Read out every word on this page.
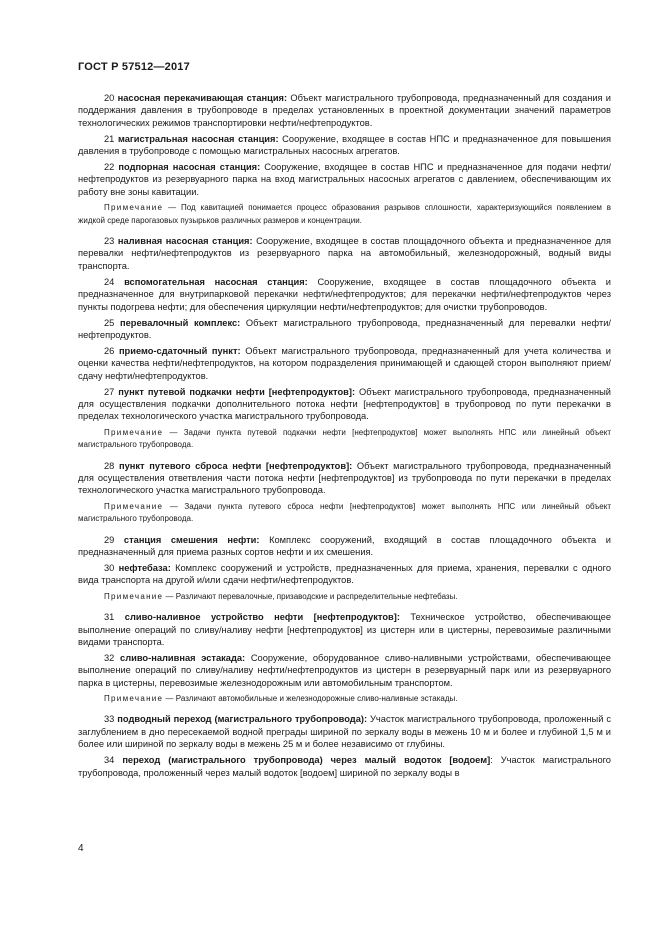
ГОСТ Р 57512—2017

20 насосная перекачивающая станция: Объект магистрального трубопровода, предназначенный для создания и поддержания давления в трубопроводе в пределах установленных в проектной документации значений параметров технологических режимов транспортировки нефти/нефтепродуктов.

21 магистральная насосная станция: Сооружение, входящее в состав НПС и предназначенное для повышения давления в трубопроводе с помощью магистральных насосных агрегатов.

22 подпорная насосная станция: Сооружение, входящее в состав НПС и предназначенное для подачи нефти/нефтепродуктов из резервуарного парка на вход магистральных насосных агрегатов с давлением, обеспечивающим их работу вне зоны кавитации.

Примечание — Под кавитацией понимается процесс образования разрывов сплошности, характеризующийся появлением в жидкой среде парогазовых пузырьков различных размеров и концентрации.

23 наливная насосная станция: Сооружение, входящее в состав площадочного объекта и предназначенное для перевалки нефти/нефтепродуктов из резервуарного парка на автомобильный, железнодорожный, водный виды транспорта.

24 вспомогательная насосная станция: Сооружение, входящее в состав площадочного объекта и предназначенное для внутрипарковой перекачки нефти/нефтепродуктов; для перекачки нефти/нефтепродуктов через пункты подогрева нефти; для обеспечения циркуляции нефти/нефтепродуктов; для очистки трубопроводов.

25 перевалочный комплекс: Объект магистрального трубопровода, предназначенный для перевалки нефти/нефтепродуктов.

26 приемо-сдаточный пункт: Объект магистрального трубопровода, предназначенный для учета количества и оценки качества нефти/нефтепродуктов, на котором подразделения принимающей и сдающей сторон выполняют прием/сдачу нефти/нефтепродуктов.

27 пункт путевой подкачки нефти [нефтепродуктов]: Объект магистрального трубопровода, предназначенный для осуществления подкачки дополнительного потока нефти [нефтепродуктов] в трубопровод по пути перекачки в пределах технологического участка магистрального трубопровода.

Примечание — Задачи пункта путевой подкачки нефти [нефтепродуктов] может выполнять НПС или линейный объект магистрального трубопровода.

28 пункт путевого сброса нефти [нефтепродуктов]: Объект магистрального трубопровода, предназначенный для осуществления ответвления части потока нефти [нефтепродуктов] из трубопровода по пути перекачки в пределах технологического участка магистрального трубопровода.

Примечание — Задачи пункта путевого сброса нефти [нефтепродуктов] может выполнять НПС или линейный объект магистрального трубопровода.

29 станция смешения нефти: Комплекс сооружений, входящий в состав площадочного объекта и предназначенный для приема разных сортов нефти и их смешения.

30 нефтебаза: Комплекс сооружений и устройств, предназначенных для приема, хранения, перевалки с одного вида транспорта на другой и/или сдачи нефти/нефтепродуктов.

Примечание — Различают перевалочные, призаводские и распределительные нефтебазы.

31 сливо-наливное устройство нефти [нефтепродуктов]: Техническое устройство, обеспечивающее выполнение операций по сливу/наливу нефти [нефтепродуктов] из цистерн или в цистерны, перевозимые различными видами транспорта.

32 сливо-наливная эстакада: Сооружение, оборудованное сливо-наливными устройствами, обеспечивающее выполнение операций по сливу/наливу нефти/нефтепродуктов из цистерн в резервуарный парк или из резервуарного парка в цистерны, перевозимые железнодорожным или автомобильным транспортом.

Примечание — Различают автомобильные и железнодорожные сливо-наливные эстакады.

33 подводный переход (магистрального трубопровода): Участок магистрального трубопровода, проложенный с заглублением в дно пересекаемой водной преграды шириной по зеркалу воды в межень 10 м и более и глубиной 1,5 м и более или шириной по зеркалу воды в межень 25 м и более независимо от глубины.

34 переход (магистрального трубопровода) через малый водоток [водоем]: Участок магистрального трубопровода, проложенный через малый водоток [водоем] шириной по зеркалу воды в

4
